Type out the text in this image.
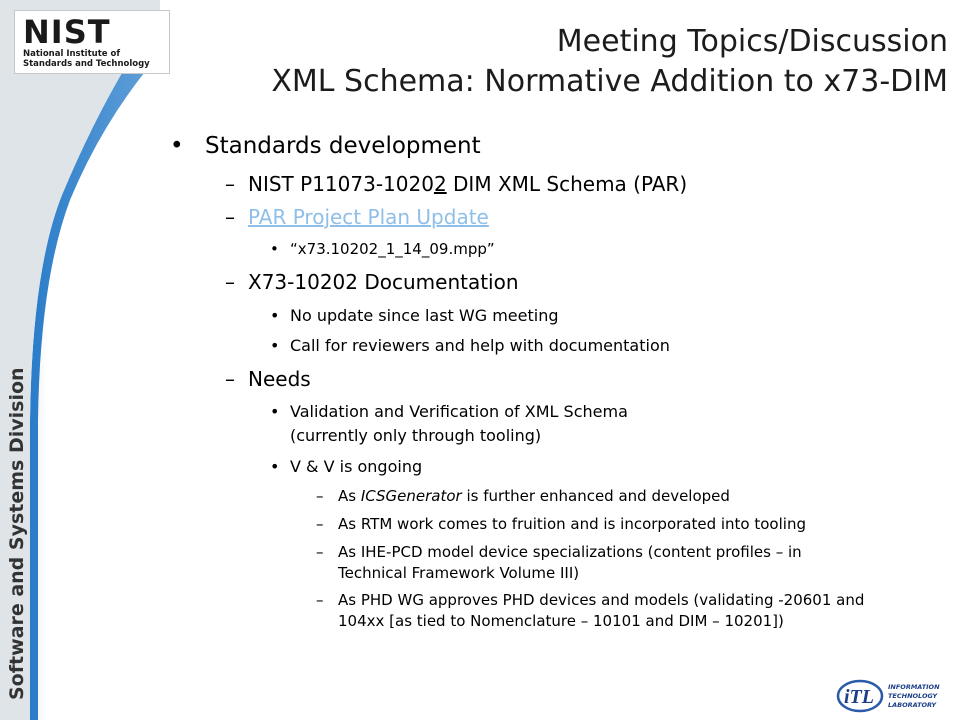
NIST
National Institute of
Standards and Technology
Software and Systems Division
Meeting Topics/Discussion
XML Schema: Normative Addition to x73-DIM
• Standards development
– NIST P11073-10202 DIM XML Schema (PAR)
– PAR Project Plan Update
• “x73.10202_1_14_09.mpp”
– X73-10202 Documentation
• No update since last WG meeting
• Call for reviewers and help with documentation
– Needs
• Validation and Verification of XML Schema
(currently only through tooling)
• V & V is ongoing
– As ICSGenerator is further enhanced and developed
– As RTM work comes to fruition and is incorporated into tooling
– As IHE-PCD model device specializations (content profiles – in
Technical Framework Volume III)
– As PHD WG approves PHD devices and models (validating -20601 and
104xx [as tied to Nomenclature – 10101 and DIM – 10201])
iTL INFORMATION
TECHNOLOGY
LABORATORY
